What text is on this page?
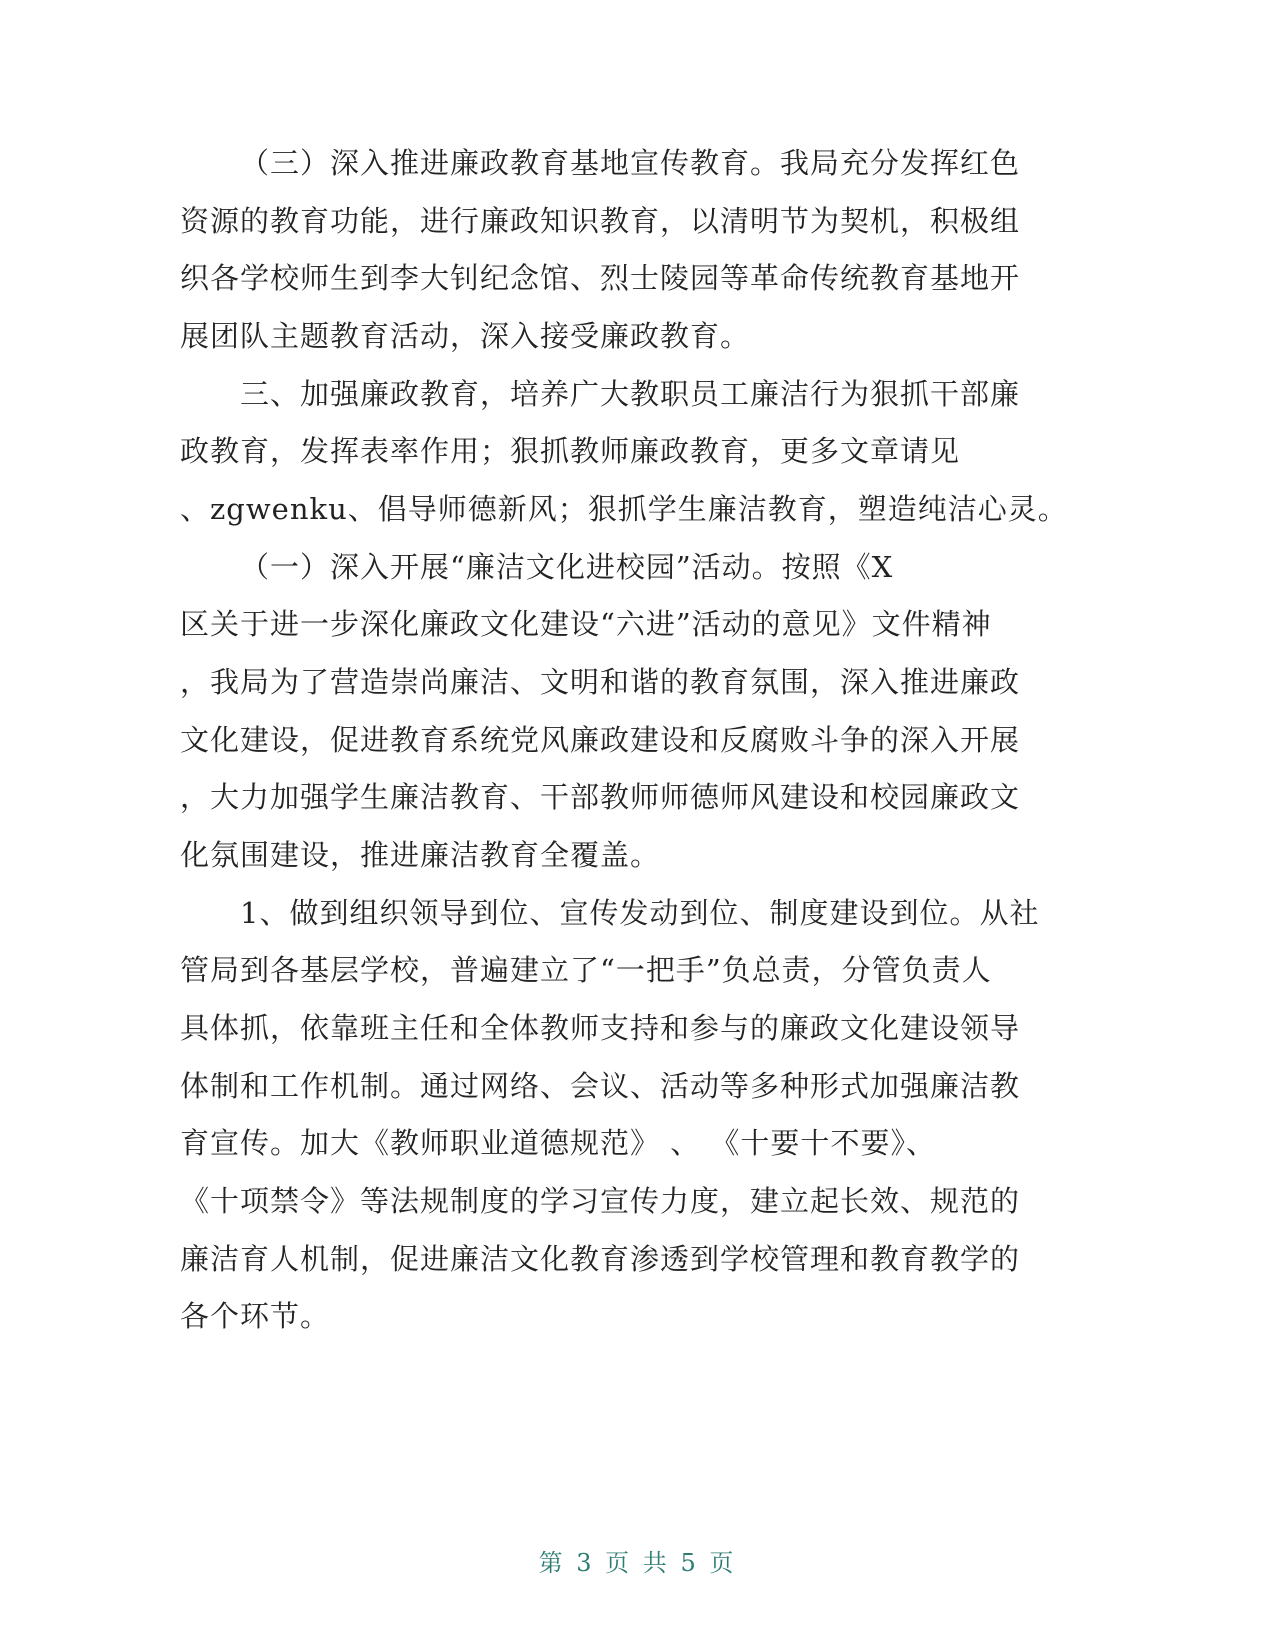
（三）深入推进廉政教育基地宣传教育。我局充分发挥红色
资源的教育功能，进行廉政知识教育，以清明节为契机，积极组
织各学校师生到李大钊纪念馆、烈士陵园等革命传统教育基地开
展团队主题教育活动，深入接受廉政教育。
三、加强廉政教育，培养广大教职员工廉洁行为狠抓干部廉
政教育，发挥表率作用；狠抓教师廉政教育，更多文章请见
、zgwenku、倡导师德新风；狠抓学生廉洁教育，塑造纯洁心灵。
（一）深入开展“廉洁文化进校园”活动。按照《X
区关于进一步深化廉政文化建设“六进”活动的意见》文件精神
，我局为了营造崇尚廉洁、文明和谐的教育氛围，深入推进廉政
文化建设，促进教育系统党风廉政建设和反腐败斗争的深入开展
，大力加强学生廉洁教育、干部教师师德师风建设和校园廉政文
化氛围建设，推进廉洁教育全覆盖。
1、做到组织领导到位、宣传发动到位、制度建设到位。从社
管局到各基层学校，普遍建立了“一把手”负总责，分管负责人
具体抓，依靠班主任和全体教师支持和参与的廉政文化建设领导
体制和工作机制。通过网络、会议、活动等多种形式加强廉洁教
育宣传。加大《教师职业道德规范》 、 《十要十不要》、
《十项禁令》等法规制度的学习宣传力度，建立起长效、规范的
廉洁育人机制，促进廉洁文化教育渗透到学校管理和教育教学的
各个环节。
第 3 页 共 5 页
